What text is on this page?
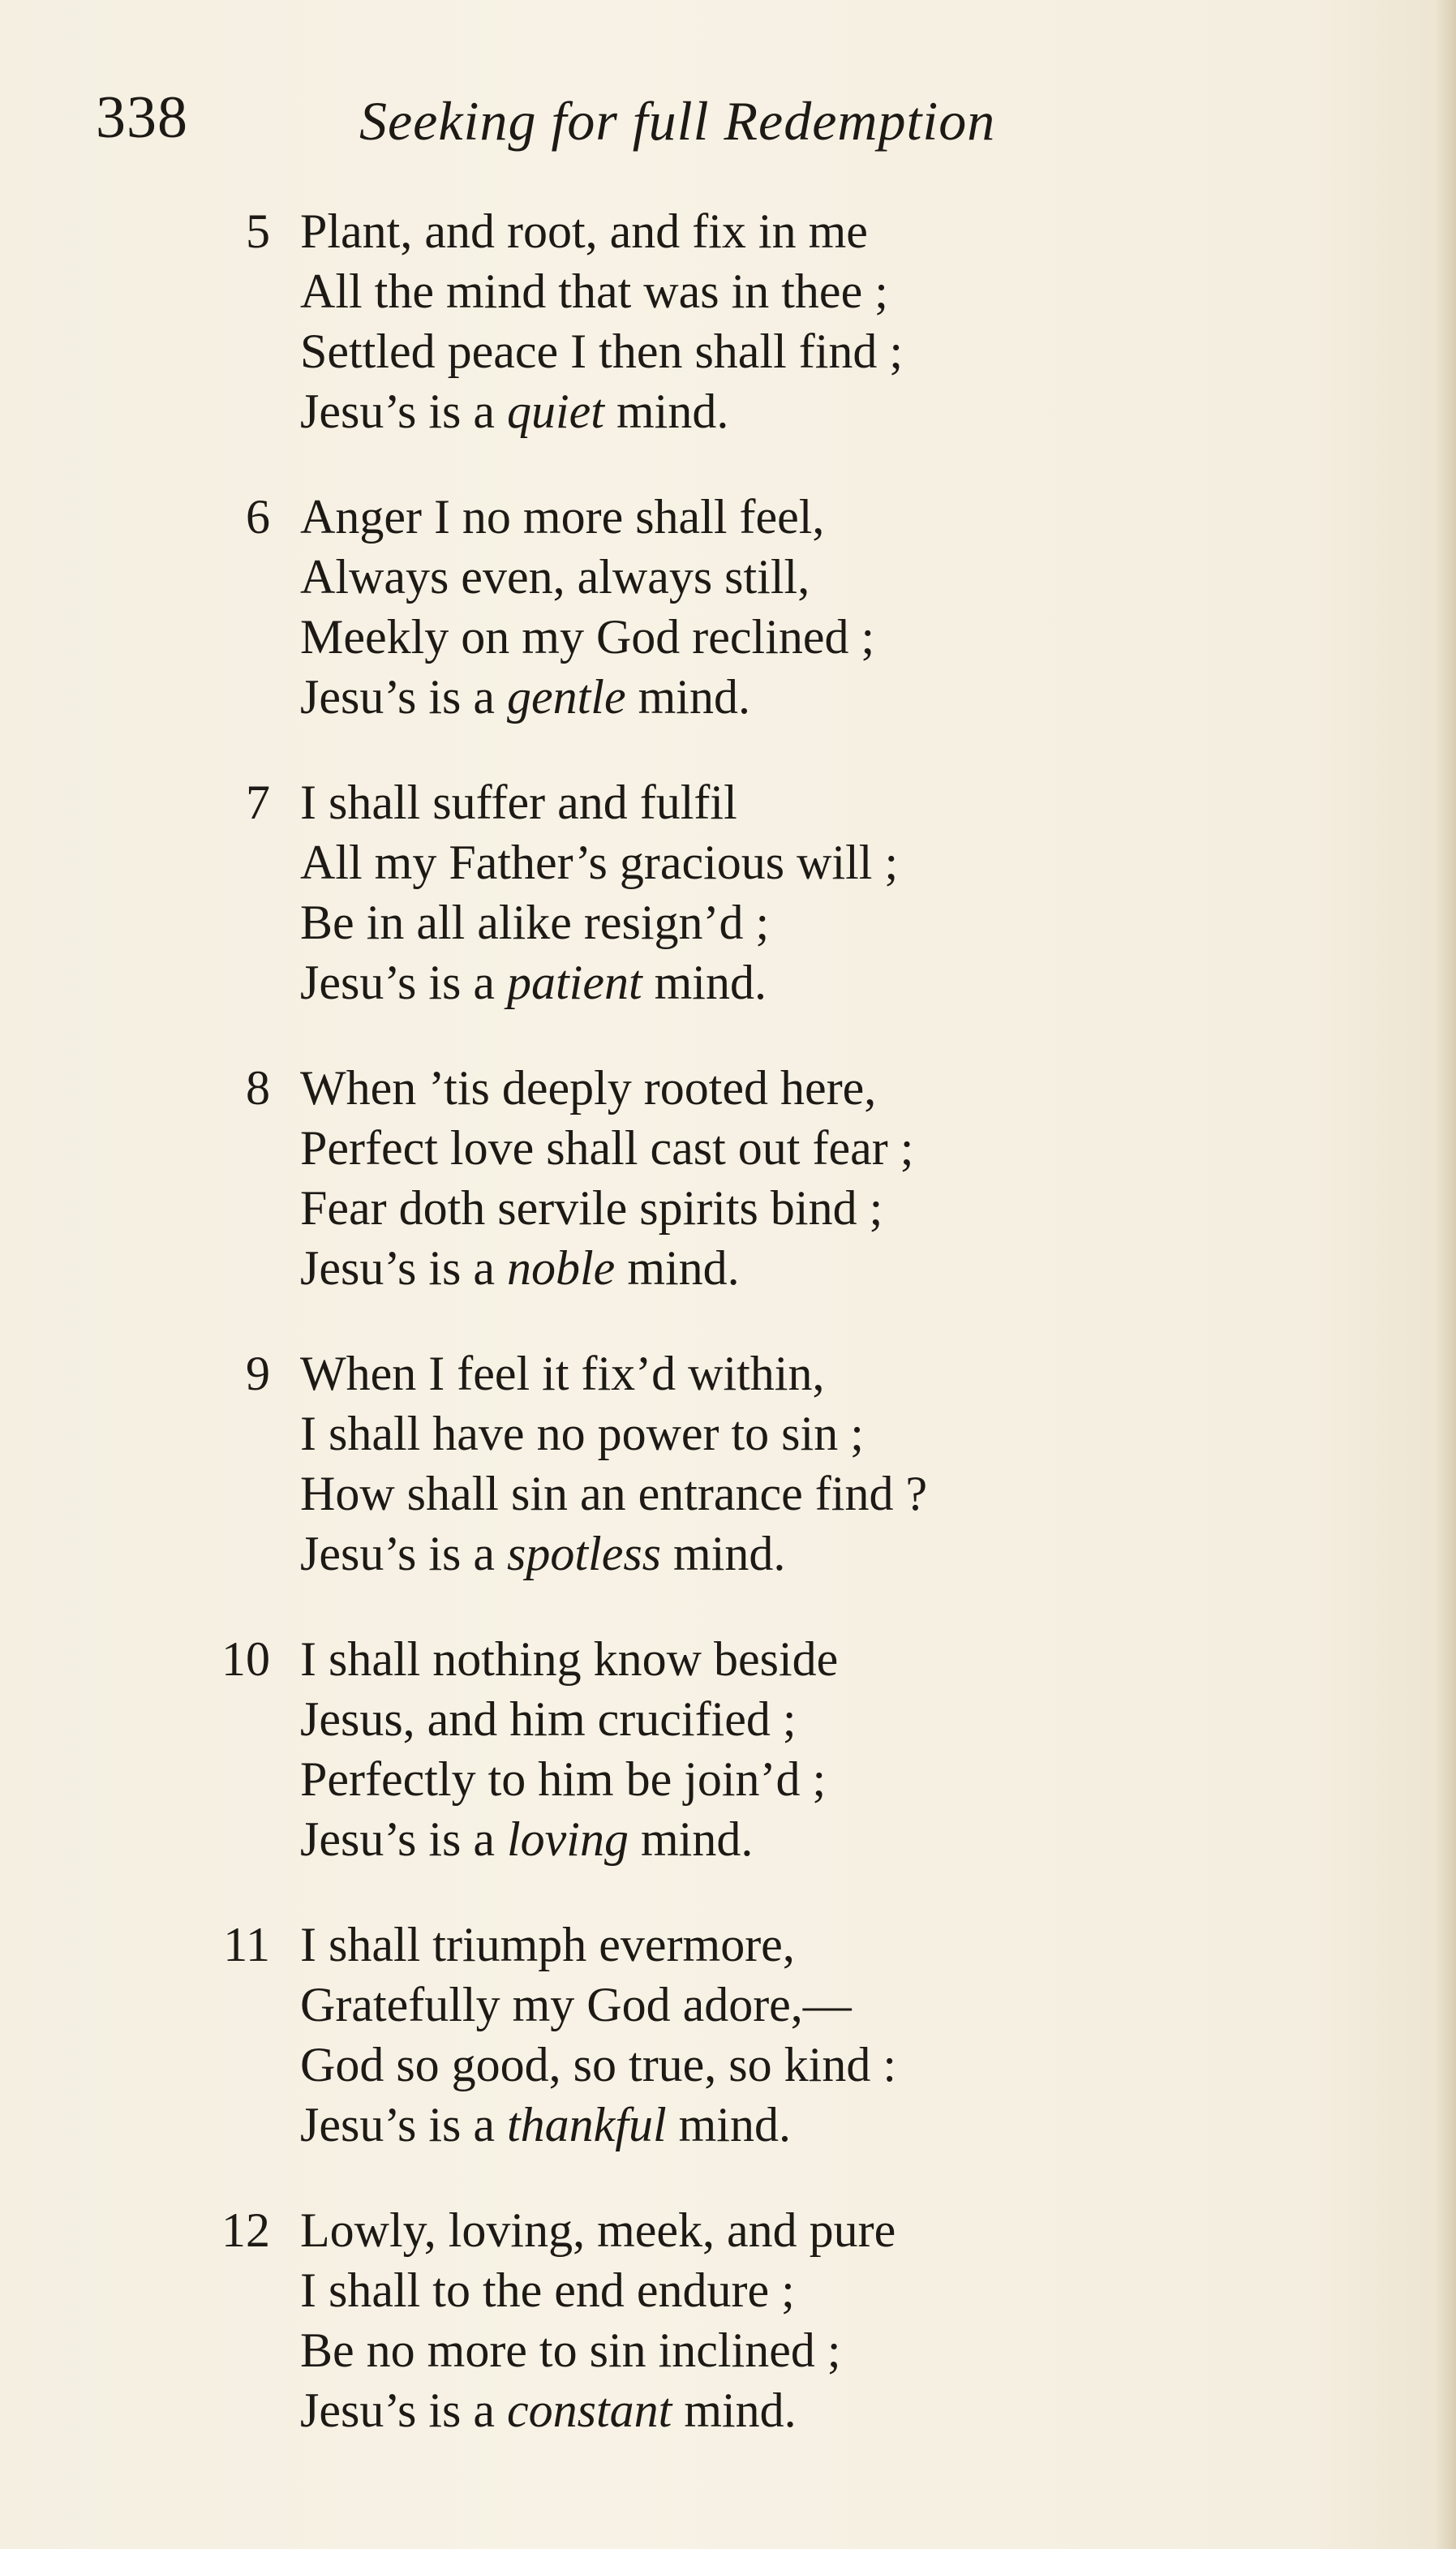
338	Seeking for full Redemption
5 Plant, and root, and fix in me
All the mind that was in thee ;
Settled peace I then shall find ;
Jesu’s is a quiet mind.
6 Anger I no more shall feel,
Always even, always still,
Meekly on my God reclined ;
Jesu’s is a gentle mind.
7 I shall suffer and fulfil
All my Father’s gracious will ;
Be in all alike resign’d ;
Jesu’s is a patient mind.
8 When ’tis deeply rooted here,
Perfect love shall cast out fear ;
Fear doth servile spirits bind ;
Jesu’s is a noble mind.
9 When I feel it fix’d within,
I shall have no power to sin ;
How shall sin an entrance find ?
Jesu’s is a spotless mind.
10 I shall nothing know beside
Jesus, and him crucified ;
Perfectly to him be join’d ;
Jesu’s is a loving mind.
11 I shall triumph evermore,
Gratefully my God adore,—
God so good, so true, so kind :
Jesu’s is a thankful mind.
12 Lowly, loving, meek, and pure
I shall to the end endure ;
Be no more to sin inclined ;
Jesu’s is a constant mind.
